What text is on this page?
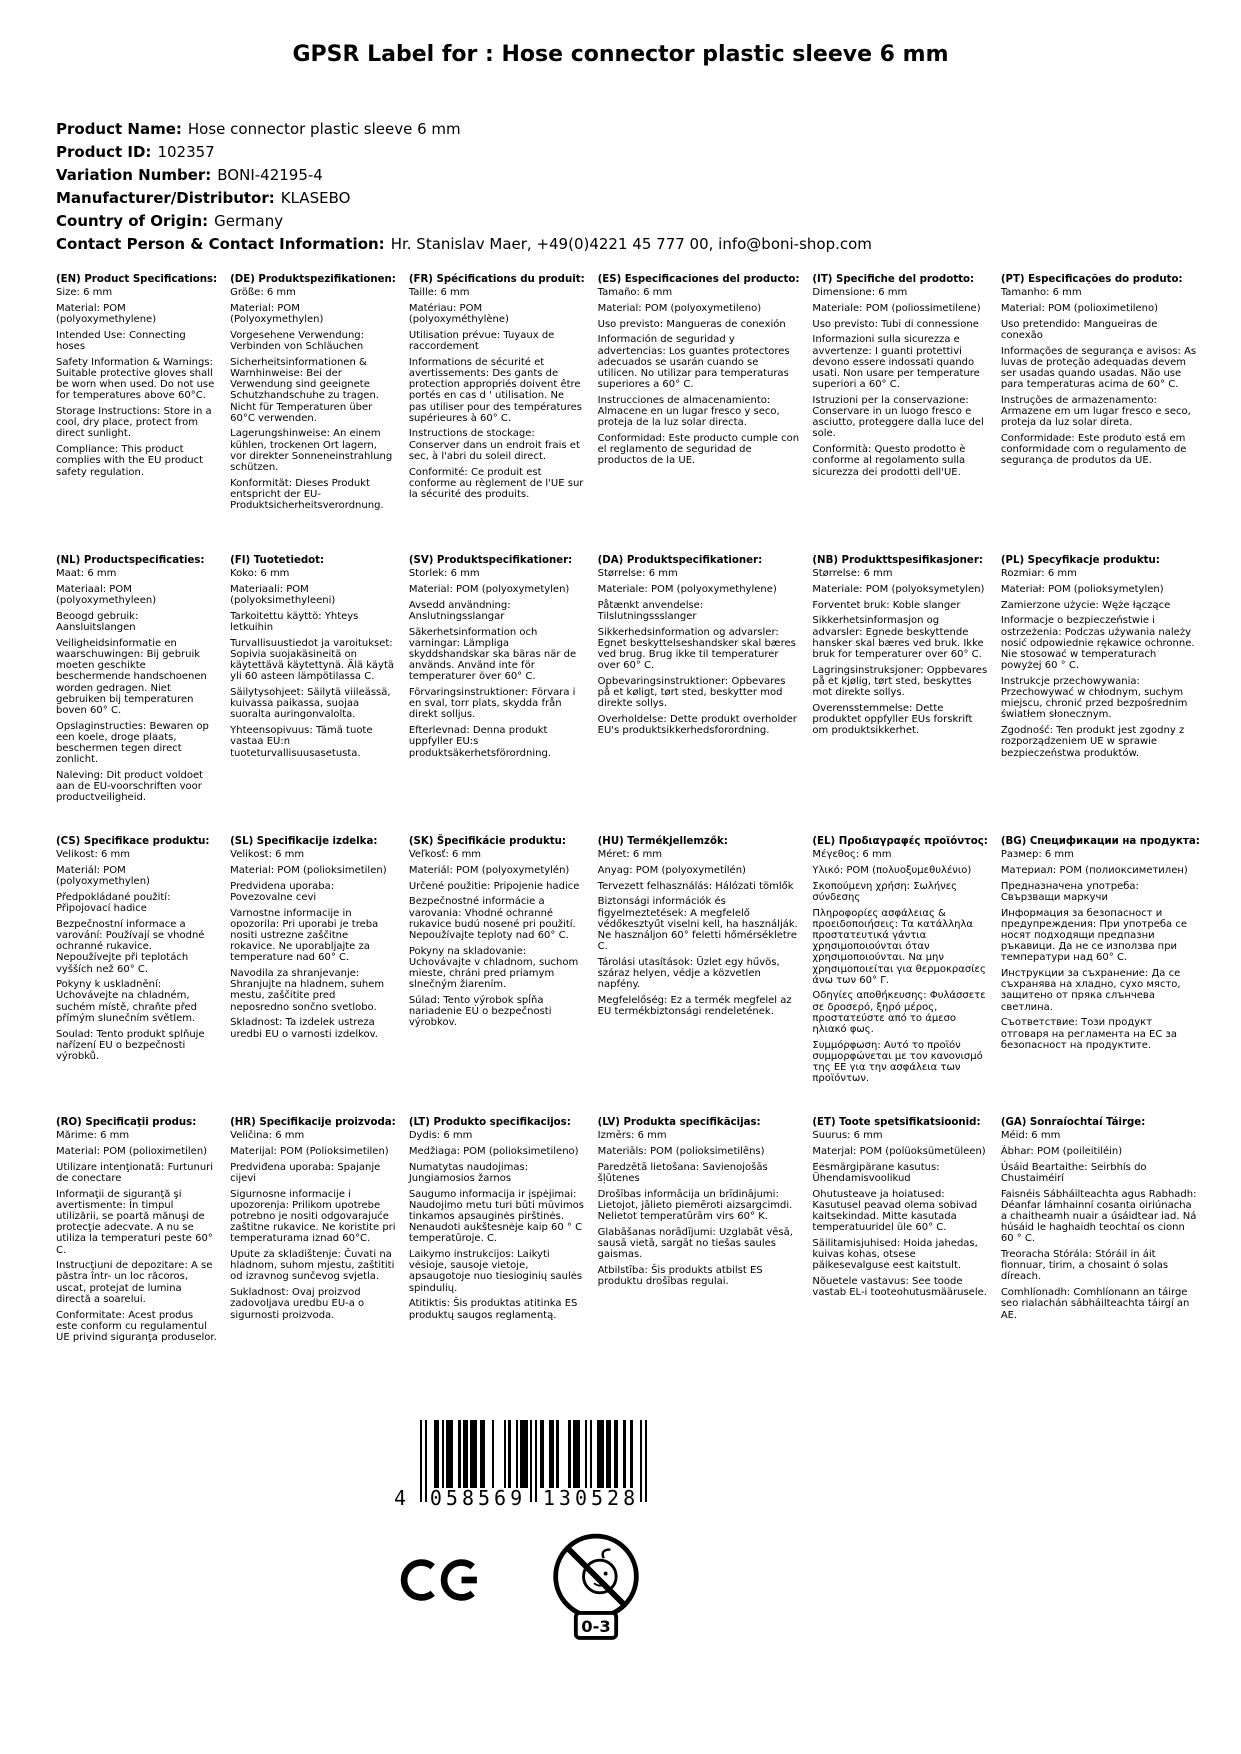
GPSR Label for : Hose connector plastic sleeve 6 mm
Product Name: Hose connector plastic sleeve 6 mm
Product ID: 102357
Variation Number: BONI-42195-4
Manufacturer/Distributor: KLASEBO
Country of Origin: Germany
Contact Person & Contact Information: Hr. Stanislav Maer, +49(0)4221 45 777 00, info@boni-shop.com
(EN) Product Specifications:

Size: 6 mm

Material: POM (polyoxymethylene)

Intended Use: Connecting hoses

Safety Information & Warnings: Suitable protective gloves shall be worn when used. Do not use for temperatures above 60°C.

Storage Instructions: Store in a cool, dry place, protect from direct sunlight.

Compliance: This product complies with the EU product safety regulation.

(DE) Produktspezifikationen:

Größe: 6 mm

Material: POM (Polyoxymethylen)

Vorgesehene Verwendung: Verbinden von Schläuchen

Sicherheitsinformationen & Warnhinweise: Bei der Verwendung sind geeignete Schutzhandschuhe zu tragen. Nicht für Temperaturen über 60°C verwenden.

Lagerungshinweise: An einem kühlen, trockenen Ort lagern, vor direkter Sonneneinstrahlung schützen.

Konformität: Dieses Produkt entspricht der EU-Produktsicherheitsverordnung.

(FR) Spécifications du produit:

Taille: 6 mm

Matériau: POM (polyoxyméthylène)

Utilisation prévue: Tuyaux de raccordement

Informations de sécurité et avertissements: Des gants de protection appropriés doivent être portés en cas d ' utilisation. Ne pas utiliser pour des températures supérieures à 60° C.

Instructions de stockage: Conserver dans un endroit frais et sec, à l'abri du soleil direct.

Conformité: Ce produit est conforme au règlement de l'UE sur la sécurité des produits.

(ES) Especificaciones del producto:

Tamaño: 6 mm

Material: POM (polyoxymetileno)

Uso previsto: Mangueras de conexión

Información de seguridad y advertencias: Los guantes protectores adecuados se usarán cuando se utilicen. No utilizar para temperaturas superiores a 60° C.

Instrucciones de almacenamiento: Almacene en un lugar fresco y seco, proteja de la luz solar directa.

Conformidad: Este producto cumple con el reglamento de seguridad de productos de la UE.

(IT) Specifiche del prodotto:

Dimensione: 6 mm

Materiale: POM (poliossimetilene)

Uso previsto: Tubi di connessione

Informazioni sulla sicurezza e avvertenze: I guanti protettivi devono essere indossati quando usati. Non usare per temperature superiori a 60° C.

Istruzioni per la conservazione: Conservare in un luogo fresco e asciutto, proteggere dalla luce del sole.

Conformità: Questo prodotto è conforme al regolamento sulla sicurezza dei prodotti dell'UE.

(PT) Especificações do produto:

Tamanho: 6 mm

Material: POM (polioximetileno)

Uso pretendido: Mangueiras de conexão

Informações de segurança e avisos: As luvas de proteção adequadas devem ser usadas quando usadas. Não use para temperaturas acima de 60° C.

Instruções de armazenamento: Armazene em um lugar fresco e seco, proteja da luz solar direta.

Conformidade: Este produto está em conformidade com o regulamento de segurança de produtos da UE.

(NL) Productspecificaties:

Maat: 6 mm

Materiaal: POM (polyoxymethyleen)

Beoogd gebruik: Aansluitslangen

Veiligheidsinformatie en waarschuwingen: Bij gebruik moeten geschikte beschermende handschoenen worden gedragen. Niet gebruiken bij temperaturen boven 60° C.

Opslaginstructies: Bewaren op een koele, droge plaats, beschermen tegen direct zonlicht.

Naleving: Dit product voldoet aan de EU-voorschriften voor productveiligheid.

(FI) Tuotetiedot:

Koko: 6 mm

Materiaali: POM (polyoksimethyleeni)

Tarkoitettu käyttö: Yhteys letkuihin

Turvallisuustiedot ja varoitukset: Sopivia suojakäsineitä on käytettävä käytettynä. Älä käytä yli 60 asteen lämpötilassa C.

Säilytysohjeet: Säilytä viileässä, kuivassa paikassa, suojaa suoralta auringonvalolta.

Yhteensopivuus: Tämä tuote vastaa EU:n tuoteturvallisuusasetusta.

(SV) Produktspecifikationer:

Storlek: 6 mm

Material: POM (polyoxymetylen)

Avsedd användning: Anslutningsslangar

Säkerhetsinformation och varningar: Lämpliga skyddshandskar ska bäras när de används. Använd inte för temperaturer över 60° C.

Förvaringsinstruktioner: Förvara i en sval, torr plats, skydda från direkt solljus.

Efterlevnad: Denna produkt uppfyller EU:s produktsäkerhetsförordning.

(DA) Produktspecifikationer:

Størrelse: 6 mm

Materiale: POM (polyoxymethylene)

Påtænkt anvendelse: Tilslutningssslanger

Sikkerhedsinformation og advarsler: Egnet beskyttelseshandsker skal bæres ved brug. Brug ikke til temperaturer over 60° C.

Opbevaringsinstruktioner: Opbevares på et køligt, tørt sted, beskytter mod direkte sollys.

Overholdelse: Dette produkt overholder EU's produktsikkerhedsforordning.

(NB) Produkttspesifikasjoner:

Størrelse: 6 mm

Materiale: POM (polyoksymetylen)

Forventet bruk: Koble slanger

Sikkerhetsinformasjon og advarsler: Egnede beskyttende hansker skal bæres ved bruk. Ikke bruk for temperaturer over 60° C.

Lagringsinstruksjoner: Oppbevares på et kjølig, tørt sted, beskyttes mot direkte sollys.

Overensstemmelse: Dette produktet oppfyller EUs forskrift om produktsikkerhet.

(PL) Specyfikacje produktu:

Rozmiar: 6 mm

Materiał: POM (polioksymetylen)

Zamierzone użycie: Węże łączące

Informacje o bezpieczeństwie i ostrzeżenia: Podczas używania należy nosić odpowiednie rękawice ochronne. Nie stosować w temperaturach powyżej 60 ° C.

Instrukcje przechowywania: Przechowywać w chłodnym, suchym miejscu, chronić przed bezpośrednim światłem słonecznym.

Zgodność: Ten produkt jest zgodny z rozporządzeniem UE w sprawie bezpieczeństwa produktów.

(CS) Specifikace produktu:

Velikost: 6 mm

Materiál: POM (polyoxymethylen)

Předpokládané použití: Připojovací hadice

Bezpečnostní informace a varování: Používají se vhodné ochranné rukavice. Nepoužívejte při teplotách vyšších než 60° C.

Pokyny k uskladnění: Uchovávejte na chladném, suchém místě, chraňte před přímým slunečním světlem.

Soulad: Tento produkt splňuje nařízení EU o bezpečnosti výrobků.

(SL) Specifikacije izdelka:

Velikost: 6 mm

Material: POM (polioksimetilen)

Predvidena uporaba: Povezovalne cevi

Varnostne informacije in opozorila: Pri uporabi je treba nositi ustrezne zaščitne rokavice. Ne uporabljajte za temperature nad 60° C.

Navodila za shranjevanje: Shranjujte na hladnem, suhem mestu, zaščitite pred neposredno sončno svetlobo.

Skladnost: Ta izdelek ustreza uredbi EU o varnosti izdelkov.

(SK) Špecifikácie produktu:

Veľkosť: 6 mm

Materiál: POM (polyoxymetylén)

Určené použitie: Pripojenie hadice

Bezpečnostné informácie a varovania: Vhodné ochranné rukavice budú nosené pri použití. Nepoužívajte teploty nad 60° C.

Pokyny na skladovanie: Uchovávajte v chladnom, suchom mieste, chráni pred priamym slnečným žiarením.

Súlad: Tento výrobok spĺňa nariadenie EÚ o bezpečnosti výrobkov.

(HU) Termékjellemzők:

Méret: 6 mm

Anyag: POM (polyoxymetilén)

Tervezett felhasználás: Hálózati tömlők

Biztonsági információk és figyelmeztetések: A megfelelő védőkesztyűt viselni kell, ha használják. Ne használjon 60° feletti hőmérsékletre C.

Tárolási utasítások: Üzlet egy hűvös, száraz helyen, védje a közvetlen napfény.

Megfelelőség: Ez a termék megfelel az EU termékbiztonsági rendeletének.

(EL) Προδιαγραφές προϊόντος:

Μέγεθος: 6 mm

Υλικό: POM (πολυοξυμεθυλένιο)

Σκοπούμενη χρήση: Σωλήνες σύνδεσης

Πληροφορίες ασφάλειας & προειδοποιήσεις: Τα κατάλληλα προστατευτικά γάντια χρησιμοποιούνται όταν χρησιμοποιούνται. Να μην χρησιμοποιείται για θερμοκρασίες άνω των 60° Γ.

Οδηγίες αποθήκευσης: Φυλάσσετε σε δροσερό, ξηρό μέρος, προστατεύστε από το άμεσο ηλιακό φως.

Συμμόρφωση: Αυτό το προϊόν συμμορφώνεται με τον κανονισμό της ΕΕ για την ασφάλεια των προϊόντων.

(BG) Спецификации на продукта:

Размер: 6 mm

Материал: POM (полиоксиметилен)

Предназначена употреба: Свързващи маркучи

Информация за безопасност и предупреждения: При употреба се носят подходящи предпазни ръкавици. Да не се използва при температури над 60° C.

Инструкции за съхранение: Да се съхранява на хладно, сухо място, защитено от пряка слънчева светлина.

Съответствие: Този продукт отговаря на регламента на ЕС за безопасност на продуктите.

(RO) Specificaţii produs:

Mărime: 6 mm

Material: POM (polioximetilen)

Utilizare intenţionată: Furtunuri de conectare

Informaţii de siguranţă şi avertismente: În timpul utilizării, se poartă mănuşi de protecţie adecvate. A nu se utiliza la temperaturi peste 60° C.

Instrucţiuni de depozitare: A se păstra într- un loc răcoros, uscat, protejat de lumina directă a soarelui.

Conformitate: Acest produs este conform cu regulamentul UE privind siguranţa produselor.

(HR) Specifikacije proizvoda:

Veličina: 6 mm

Materijal: POM (Polioksimetilen)

Predviđena uporaba: Spajanje cijevi

Sigurnosne informacije i upozorenja: Prilikom upotrebe potrebno je nositi odgovarajuće zaštitne rukavice. Ne koristite pri temperaturama iznad 60°C.

Upute za skladištenje: Čuvati na hladnom, suhom mjestu, zaštititi od izravnog sunčevog svjetla.

Sukladnost: Ovaj proizvod zadovoljava uredbu EU-a o sigurnosti proizvoda.

(LT) Produkto specifikacijos:

Dydis: 6 mm

Medžiaga: POM (polioksimetileno)

Numatytas naudojimas: Jungiamosios žarnos

Saugumo informacija ir įspėjimai: Naudojimo metu turi būti mūvimos tinkamos apsauginės pirštinės. Nenaudoti aukštesnėje kaip 60 ° C temperatūroje. C.

Laikymo instrukcijos: Laikyti vėsioje, sausoje vietoje, apsaugotoje nuo tiesioginių saulės spindulių.

Atitiktis: Šis produktas atitinka ES produktų saugos reglamentą.

(LV) Produkta specifikācijas:

Izmērs: 6 mm

Materiāls: POM (polioksimetilēns)

Paredzētā lietošana: Savienojošās šļūtenes

Drošības informācija un brīdinājumi: Lietojot, jālieto piemēroti aizsargcimdi. Nelietot temperatūrām virs 60° K.

Glabāšanas norādījumi: Uzglabāt vēsā, sausā vietā, sargāt no tiešas saules gaismas.

Atbilstība: Šis produkts atbilst ES produktu drošības regulai.

(ET) Toote spetsifikatsioonid:

Suurus: 6 mm

Materjal: POM (polüoksümetüleen)

Eesmärgipärane kasutus: Ühendamisvoolikud

Ohutusteave ja hoiatused: Kasutusel peavad olema sobivad kaitsekindad. Mitte kasutada temperatuuridel üle 60° C.

Säilitamisjuhised: Hoida jahedas, kuivas kohas, otsese päikesevalguse eest kaitstult.

Nõuetele vastavus: See toode vastab EL-i tooteohutusmäärusele.

(GA) Sonraíochtaí Táirge:

Méid: 6 mm

Ábhar: POM (poileitiléin)

Úsáid Beartaithe: Seirbhís do Chustaiméirí

Faisnéis Sábháilteachta agus Rabhadh: Déanfar lámhainní cosanta oiriúnacha a chaitheamh nuair a úsáidtear iad. Ná húsáid le haghaidh teochtaí os cionn 60 ° C.

Treoracha Stórála: Stóráil in áit fionnuar, tirim, a chosaint ó solas díreach.

Comhlíonadh: Comhlíonann an táirge seo rialachán sábháilteachta táirgí an AE.

4 058569 130528
0-3
